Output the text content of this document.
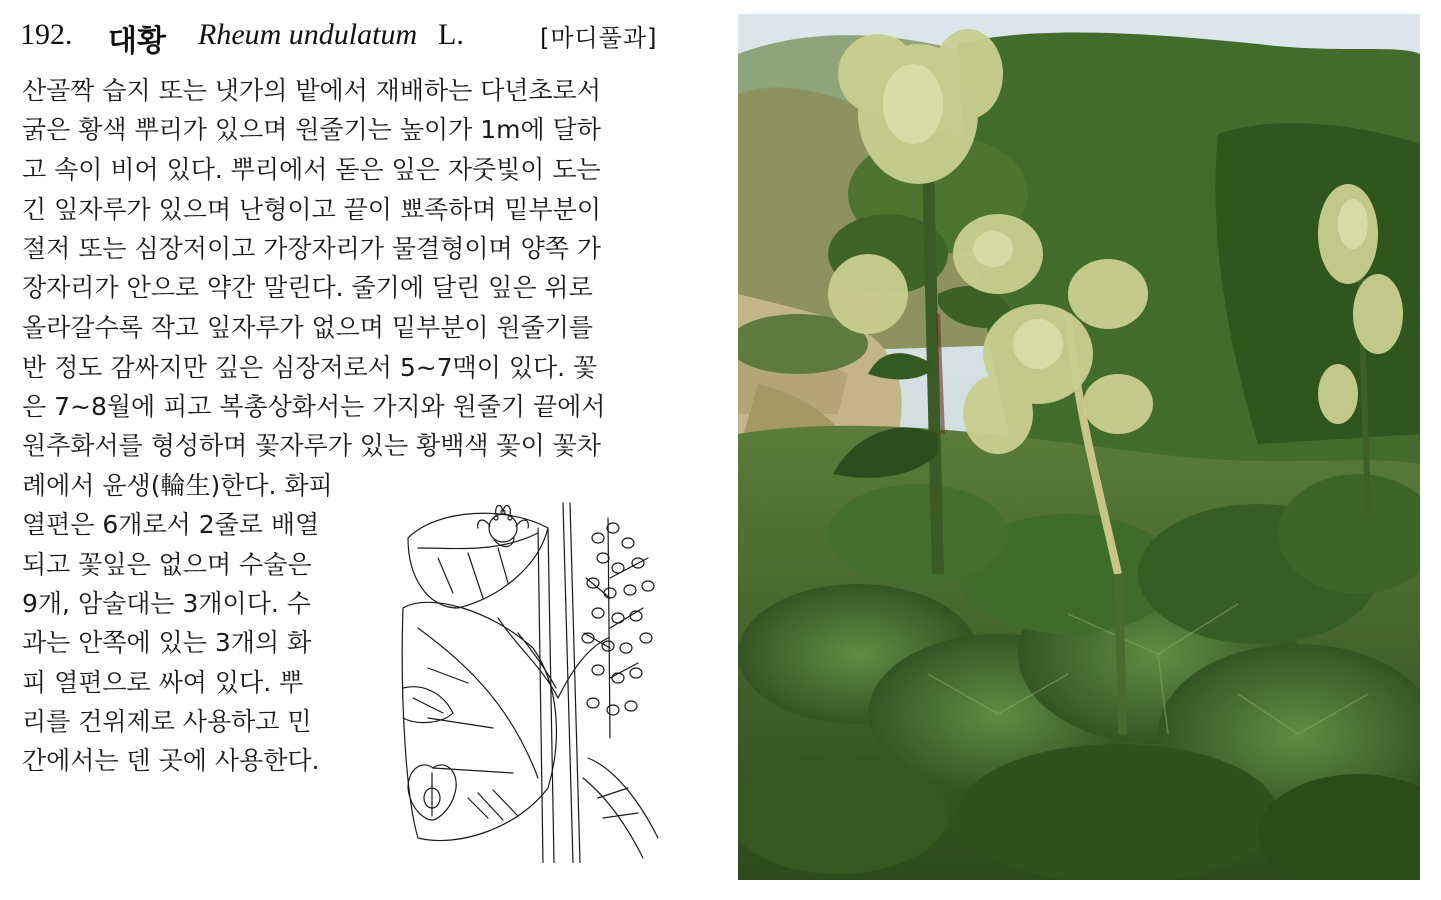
192. 대황 Rheum undulatum L.	[마디풀과]
산골짝 습지 또는 냇가의 밭에서 재배하는 다년초로서
굵은 황색 뿌리가 있으며 원줄기는 높이가 1m에 달하
고 속이 비어 있다. 뿌리에서 돋은 잎은 자줏빛이 도는
긴 잎자루가 있으며 난형이고 끝이 뾰족하며 밑부분이
절저 또는 심장저이고 가장자리가 물결형이며 양쪽 가
장자리가 안으로 약간 말린다. 줄기에 달린 잎은 위로
올라갈수록 작고 잎자루가 없으며 밑부분이 원줄기를
반 정도 감싸지만 깊은 심장저로서 5~7맥이 있다. 꽃
은 7~8월에 피고 복총상화서는 가지와 원줄기 끝에서
원추화서를 형성하며 꽃자루가 있는 황백색 꽃이 꽃차
례에서 윤생(輪生)한다. 화피
열편은 6개로서 2줄로 배열
되고 꽃잎은 없으며 수술은
9개, 암술대는 3개이다. 수
과는 안쪽에 있는 3개의 화
피 열편으로 싸여 있다. 뿌
리를 건위제로 사용하고 민
간에서는 덴 곳에 사용한다.
